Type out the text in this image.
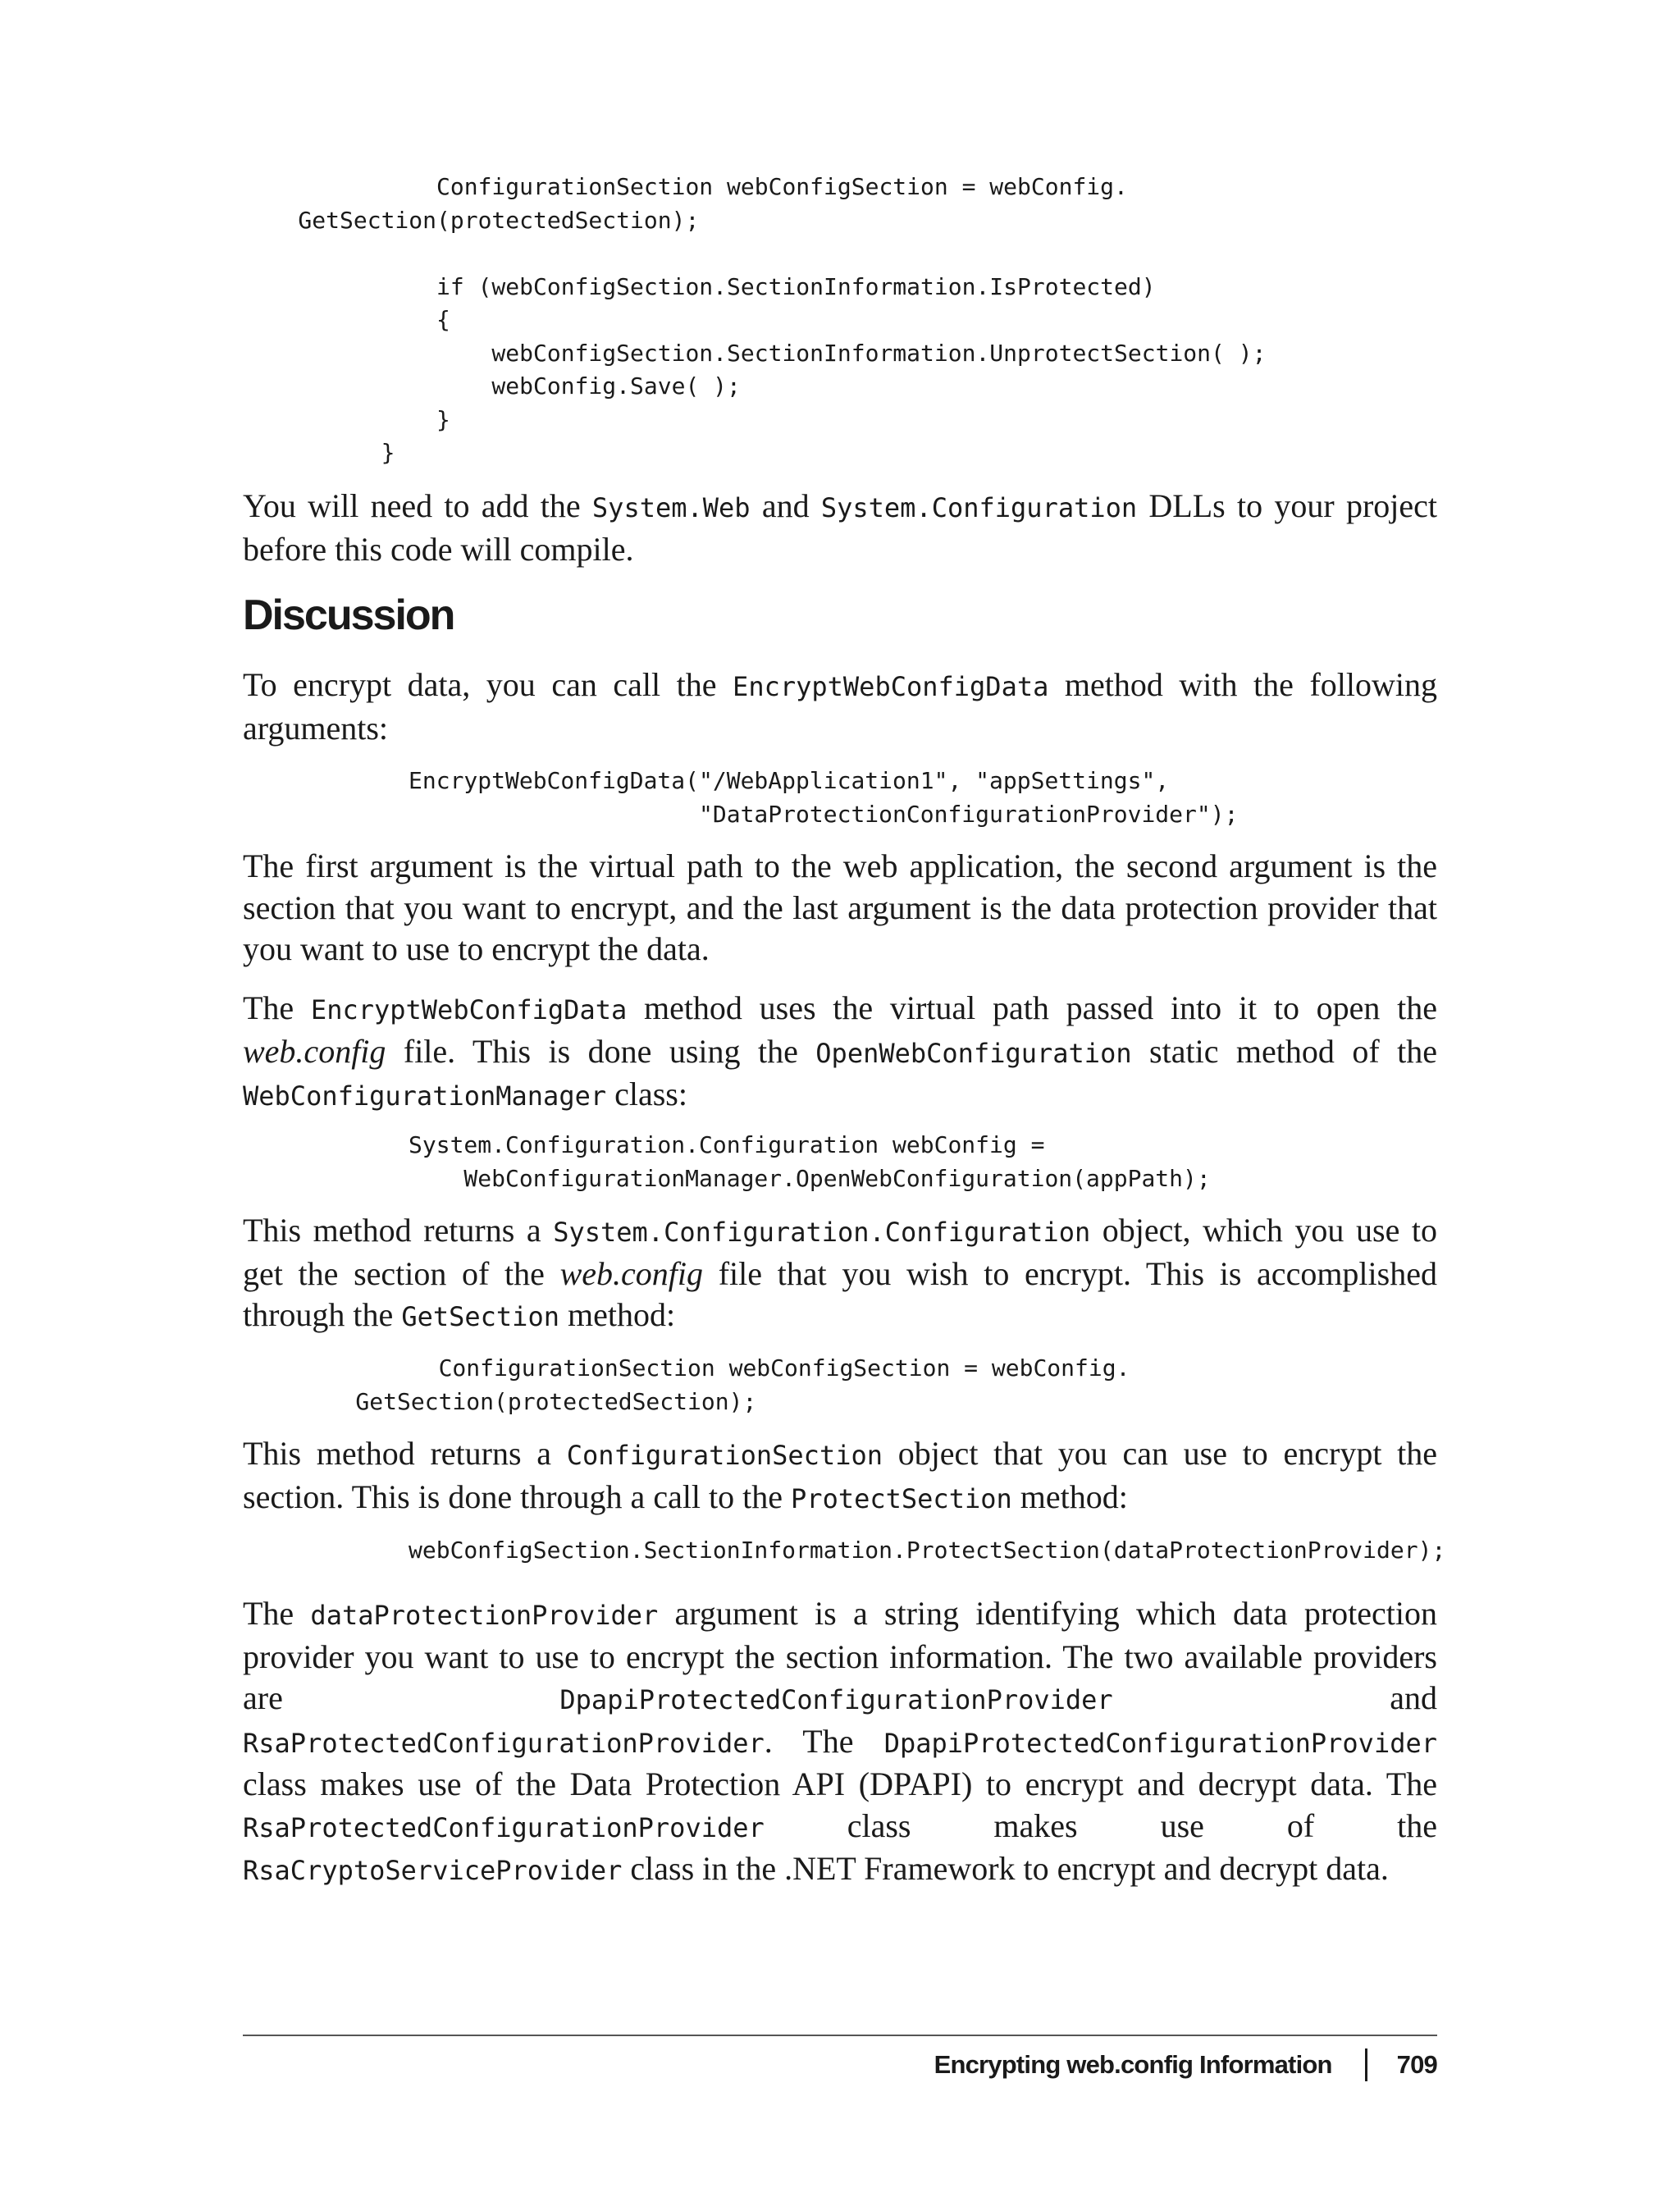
ConfigurationSection webConfigSection = webConfig.
GetSection(protectedSection);

if (webConfigSection.SectionInformation.IsProtected)
{
webConfigSection.SectionInformation.UnprotectSection( );
webConfig.Save( );
}
}

You will need to add the System.Web and System.Configuration DLLs to your project before this code will compile.

Discussion

To encrypt data, you can call the EncryptWebConfigData method with the following arguments:

EncryptWebConfigData("/WebApplication1", "appSettings",
"DataProtectionConfigurationProvider");

The first argument is the virtual path to the web application, the second argument is the section that you want to encrypt, and the last argument is the data protection provider that you want to use to encrypt the data.

The EncryptWebConfigData method uses the virtual path passed into it to open the web.config file. This is done using the OpenWebConfiguration static method of the WebConfigurationManager class:

System.Configuration.Configuration webConfig =
WebConfigurationManager.OpenWebConfiguration(appPath);

This method returns a System.Configuration.Configuration object, which you use to get the section of the web.config file that you wish to encrypt. This is accomplished through the GetSection method:

ConfigurationSection webConfigSection = webConfig.
GetSection(protectedSection);

This method returns a ConfigurationSection object that you can use to encrypt the section. This is done through a call to the ProtectSection method:

webConfigSection.SectionInformation.ProtectSection(dataProtectionProvider);

The dataProtectionProvider argument is a string identifying which data protection provider you want to use to encrypt the section information. The two available providers are DpapiProtectedConfigurationProvider and RsaProtectedConfigurationProvider. The DpapiProtectedConfigurationProvider class makes use of the Data Protection API (DPAPI) to encrypt and decrypt data. The RsaProtectedConfigurationProvider class makes use of the RsaCryptoServiceProvider class in the .NET Framework to encrypt and decrypt data.

Encrypting web.config Information	709
